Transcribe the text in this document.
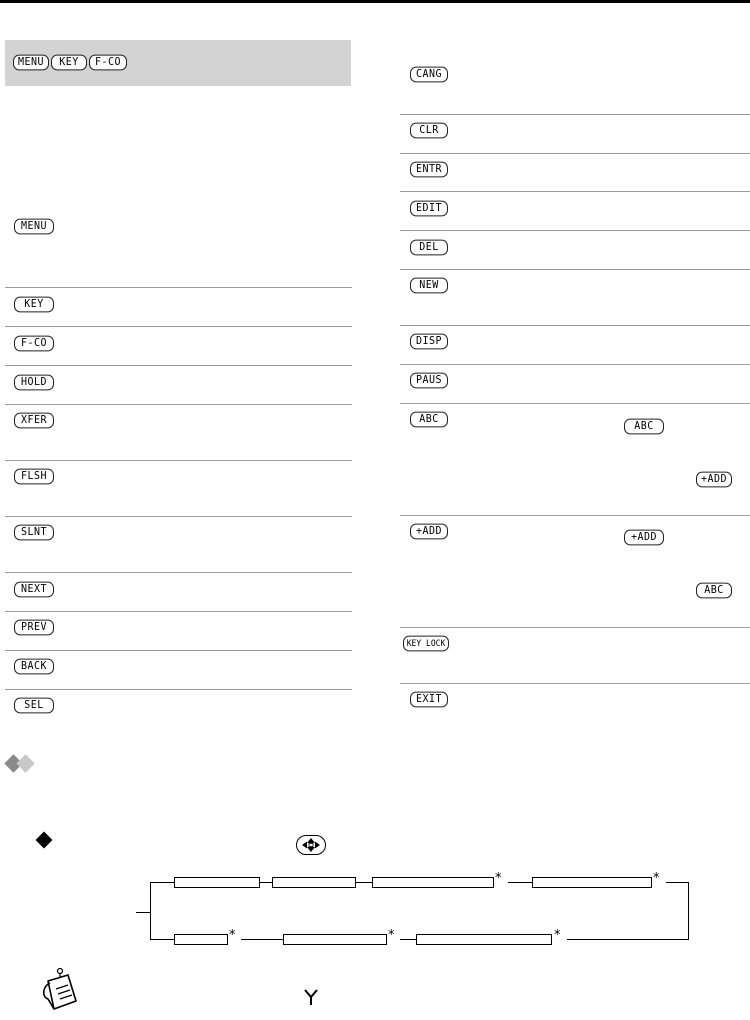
MENU	KEY	F-CO
MENU
KEY
F-CO
HOLD
XFER
FLSH
SLNT
NEXT
PREV
BACK
SEL
CANG
CLR
ENTR
EDIT
DEL
NEW
DISP
PAUS
ABC
ABC
+ADD
+ADD
+ADD
ABC
KEY LOCK
EXIT
*	*
*	*	*
